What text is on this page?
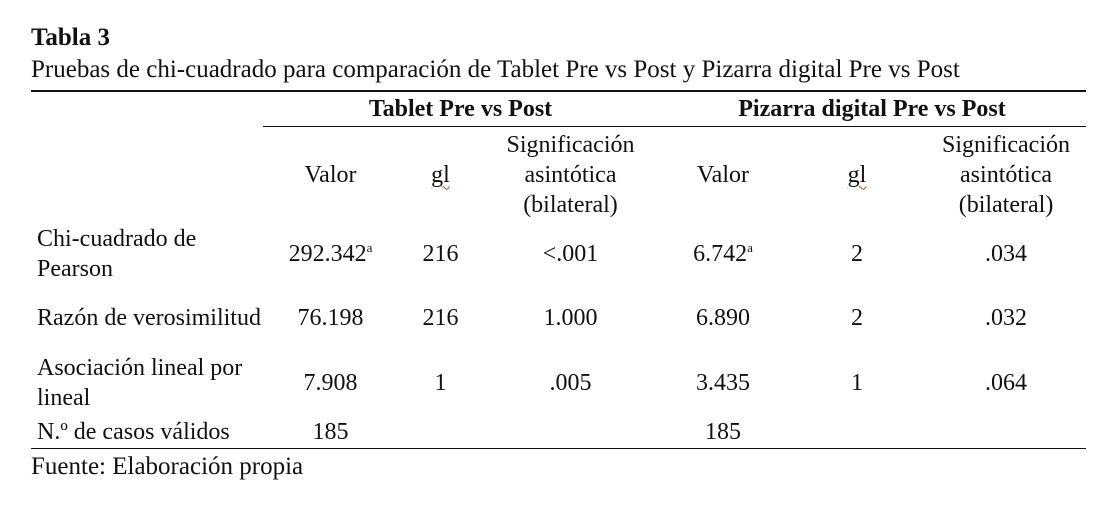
Tabla 3
Pruebas de chi-cuadrado para comparación de Tablet Pre vs Post y Pizarra digital Pre vs Post
	Tablet Pre vs Post			Pizarra digital Pre vs Post		
	Valor	gl	Significación
asintótica
(bilateral)	Valor	gl	Significación
asintótica
(bilateral)
Chi-cuadrado de Pearson	292.342$^a$	216	<.001	6.742$^a$	2	.034
Razón de verosimilitud	76.198	216	1.000	6.890	2	.032
Asociación lineal por lineal	7.908	1	.005	3.435	1	.064
N.º de casos válidos	185			185		
Fuente: Elaboración propia
